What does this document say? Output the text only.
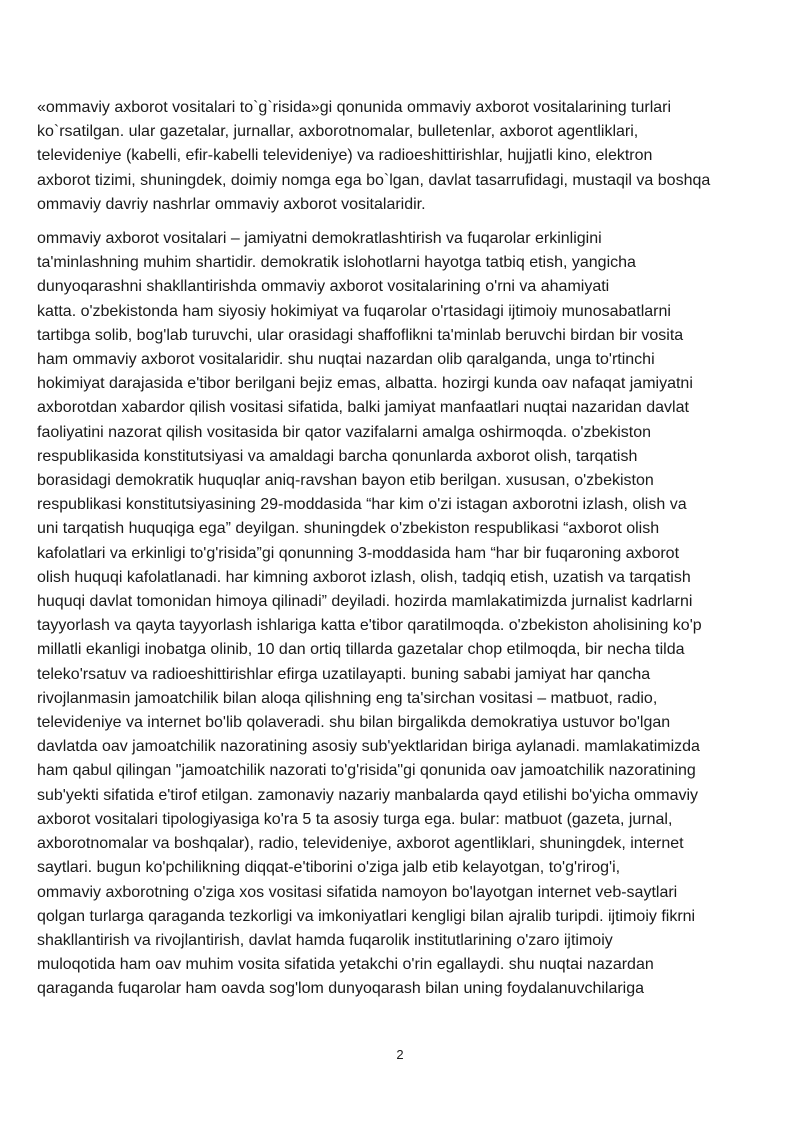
«ommaviy axborot vositalari to`g`risida»gi qonunida ommaviy axborot vositalarining turlari
ko`rsatilgan. ular gazetalar, jurnallar, axborotnomalar, bulletenlar, axborot agentliklari,
televideniye (kabelli, efir-kabelli televideniye) va radioeshittirishlar, hujjatli kino, elektron
axborot tizimi, shuningdek, doimiy nomga ega bo`lgan, davlat tasarrufidagi, mustaqil va boshqa
ommaviy davriy nashrlar ommaviy axborot vositalaridir.

ommaviy axborot vositalari – jamiyatni demokratlashtirish va fuqarolar erkinligini
ta'minlashning muhim shartidir. demokratik islohotlarni hayotga tatbiq etish, yangicha
dunyoqarashni shakllantirishda ommaviy axborot vositalarining o'rni va ahamiyati
katta. o'zbekistonda ham siyosiy hokimiyat va fuqarolar o'rtasidagi ijtimoiy munosabatlarni
tartibga solib, bog'lab turuvchi, ular orasidagi shaffoflikni ta'minlab beruvchi birdan bir vosita
ham ommaviy axborot vositalaridir. shu nuqtai nazardan olib qaralganda, unga to'rtinchi
hokimiyat darajasida e'tibor berilgani bejiz emas, albatta. hozirgi kunda oav nafaqat jamiyatni
axborotdan xabardor qilish vositasi sifatida, balki jamiyat manfaatlari nuqtai nazaridan davlat
faoliyatini nazorat qilish vositasida bir qator vazifalarni amalga oshirmoqda. o'zbekiston
respublikasida konstitutsiyasi va amaldagi barcha qonunlarda axborot olish, tarqatish
borasidagi demokratik huquqlar aniq-ravshan bayon etib berilgan. xususan, o'zbekiston
respublikasi konstitutsiyasining 29-moddasida “har kim o'zi istagan axborotni izlash, olish va
uni tarqatish huquqiga ega” deyilgan. shuningdek o'zbekiston respublikasi “axborot olish
kafolatlari va erkinligi to'g'risida”gi qonunning 3-moddasida ham “har bir fuqaroning axborot
olish huquqi kafolatlanadi. har kimning axborot izlash, olish, tadqiq etish, uzatish va tarqatish
huquqi davlat tomonidan himoya qilinadi” deyiladi. hozirda mamlakatimizda jurnalist kadrlarni
tayyorlash va qayta tayyorlash ishlariga katta e'tibor qaratilmoqda. o'zbekiston aholisining ko'p
millatli ekanligi inobatga olinib, 10 dan ortiq tillarda gazetalar chop etilmoqda, bir necha tilda
teleko'rsatuv va radioeshittirishlar efirga uzatilayapti. buning sababi jamiyat har qancha
rivojlanmasin jamoatchilik bilan aloqa qilishning eng ta'sirchan vositasi – matbuot, radio,
televideniye va internet bo'lib qolaveradi. shu bilan birgalikda demokratiya ustuvor bo'lgan
davlatda oav jamoatchilik nazoratining asosiy sub'yektlaridan biriga aylanadi. mamlakatimizda
ham qabul qilingan "jamoatchilik nazorati to'g'risida"gi qonunida oav jamoatchilik nazoratining
sub'yekti sifatida e'tirof etilgan. zamonaviy nazariy manbalarda qayd etilishi bo'yicha ommaviy
axborot vositalari tipologiyasiga ko'ra 5 ta asosiy turga ega. bular: matbuot (gazeta, jurnal,
axborotnomalar va boshqalar), radio, televideniye, axborot agentliklari, shuningdek, internet
saytlari. bugun ko'pchilikning diqqat-e'tiborini o'ziga jalb etib kelayotgan, to'g'rirog'i,
ommaviy axborotning o'ziga xos vositasi sifatida namoyon bo'layotgan internet veb-saytlari
qolgan turlarga qaraganda tezkorligi va imkoniyatlari kengligi bilan ajralib turipdi. ijtimoiy fikrni
shakllantirish va rivojlantirish, davlat hamda fuqarolik institutlarining o'zaro ijtimoiy
muloqotida ham oav muhim vosita sifatida yetakchi o'rin egallaydi. shu nuqtai nazardan
qaraganda fuqarolar ham oavda sog'lom dunyoqarash bilan uning foydalanuvchilariga

2
